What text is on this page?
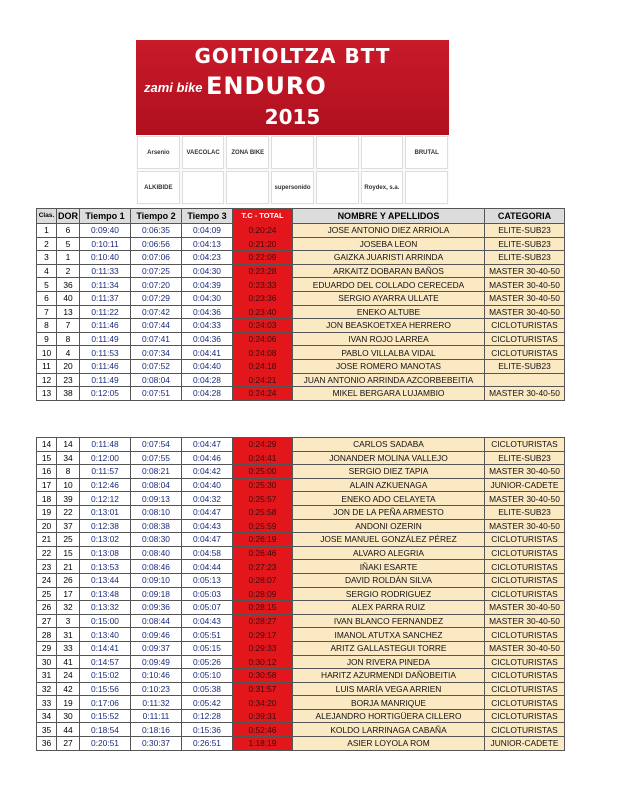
GOITIOLTZA BTT
zami bike ENDURO
2015
Arsenio	VAECOLAC	ZONA BIKE	BRUTAL
ALKIBIDE	supersonido	Roydex, s.a.
Clas.	DOR	Tiempo 1	Tiempo 2	Tiempo 3	T.C - TOTAL	NOMBRE Y APELLIDOS	CATEGORIA
1	6	0:09:40	0:06:35	0:04:09	0:20:24	JOSE ANTONIO DIEZ ARRIOLA	ELITE-SUB23
2	5	0:10:11	0:06:56	0:04:13	0:21:20	JOSEBA LEON	ELITE-SUB23
3	1	0:10:40	0:07:06	0:04:23	0:22:09	GAIZKA JUARISTI ARRINDA	ELITE-SUB23
4	2	0:11:33	0:07:25	0:04:30	0:23:28	ARKAITZ DOBARAN BAÑOS	MASTER 30-40-50
5	36	0:11:34	0:07:20	0:04:39	0:23:33	EDUARDO DEL COLLADO CERECEDA	MASTER 30-40-50
6	40	0:11:37	0:07:29	0:04:30	0:23:36	SERGIO AYARRA ULLATE	MASTER 30-40-50
7	13	0:11:22	0:07:42	0:04:36	0:23:40	ENEKO ALTUBE	MASTER 30-40-50
8	7	0:11:46	0:07:44	0:04:33	0:24:03	JON BEASKOETXEA HERRERO	CICLOTURISTAS
9	8	0:11:49	0:07:41	0:04:36	0:24:06	IVAN ROJO LARREA	CICLOTURISTAS
10	4	0:11:53	0:07:34	0:04:41	0:24:08	PABLO VILLALBA VIDAL	CICLOTURISTAS
11	20	0:11:46	0:07:52	0:04:40	0:24:18	JOSE ROMERO MANOTAS	ELITE-SUB23
12	23	0:11:49	0:08:04	0:04:28	0:24:21	JUAN ANTONIO ARRINDA AZCORBEBEITIA	
13	38	0:12:05	0:07:51	0:04:28	0:24:24	MIKEL BERGARA LUJAMBIO	MASTER 30-40-50
14	14	0:11:48	0:07:54	0:04:47	0:24:29	CARLOS SADABA	CICLOTURISTAS
15	34	0:12:00	0:07:55	0:04:46	0:24:41	JONANDER MOLINA VALLEJO	ELITE-SUB23
16	8	0:11:57	0:08:21	0:04:42	0:25:00	SERGIO DIEZ TAPIA	MASTER 30-40-50
17	10	0:12:46	0:08:04	0:04:40	0:25:30	ALAIN AZKUENAGA	JUNIOR-CADETE
18	39	0:12:12	0:09:13	0:04:32	0:25:57	ENEKO ADO CELAYETA	MASTER 30-40-50
19	22	0:13:01	0:08:10	0:04:47	0:25:58	JON DE LA PEÑA ARMESTO	ELITE-SUB23
20	37	0:12:38	0:08:38	0:04:43	0:25:59	ANDONI OZERIN	MASTER 30-40-50
21	25	0:13:02	0:08:30	0:04:47	0:26:19	JOSE MANUEL GONZÁLEZ PÉREZ	CICLOTURISTAS
22	15	0:13:08	0:08:40	0:04:58	0:26:46	ALVARO ALEGRIA	CICLOTURISTAS
23	21	0:13:53	0:08:46	0:04:44	0:27:23	IÑAKI ESARTE	CICLOTURISTAS
24	26	0:13:44	0:09:10	0:05:13	0:28:07	DAVID ROLDÁN SILVA	CICLOTURISTAS
25	17	0:13:48	0:09:18	0:05:03	0:28:09	SERGIO RODRIGUEZ	CICLOTURISTAS
26	32	0:13:32	0:09:36	0:05:07	0:28:15	ALEX PARRA RUIZ	MASTER 30-40-50
27	3	0:15:00	0:08:44	0:04:43	0:28:27	IVAN BLANCO FERNANDEZ	MASTER 30-40-50
28	31	0:13:40	0:09:46	0:05:51	0:29:17	IMANOL ATUTXA SANCHEZ	CICLOTURISTAS
29	33	0:14:41	0:09:37	0:05:15	0:29:33	ARITZ GALLASTEGUI TORRE	MASTER 30-40-50
30	41	0:14:57	0:09:49	0:05:26	0:30:12	JON RIVERA PINEDA	CICLOTURISTAS
31	24	0:15:02	0:10:46	0:05:10	0:30:58	HARITZ AZURMENDI DAÑOBEITIA	CICLOTURISTAS
32	42	0:15:56	0:10:23	0:05:38	0:31:57	LUIS MARÍA VEGA ARRIEN	CICLOTURISTAS
33	19	0:17:06	0:11:32	0:05:42	0:34:20	BORJA MANRIQUE	CICLOTURISTAS
34	30	0:15:52	0:11:11	0:12:28	0:39:31	ALEJANDRO HORTIGÜERA CILLERO	CICLOTURISTAS
35	44	0:18:54	0:18:16	0:15:36	0:52:46	KOLDO LARRINAGA CABAÑA	CICLOTURISTAS
36	27	0:20:51	0:30:37	0:26:51	1:18:19	ASIER LOYOLA ROM	JUNIOR-CADETE
